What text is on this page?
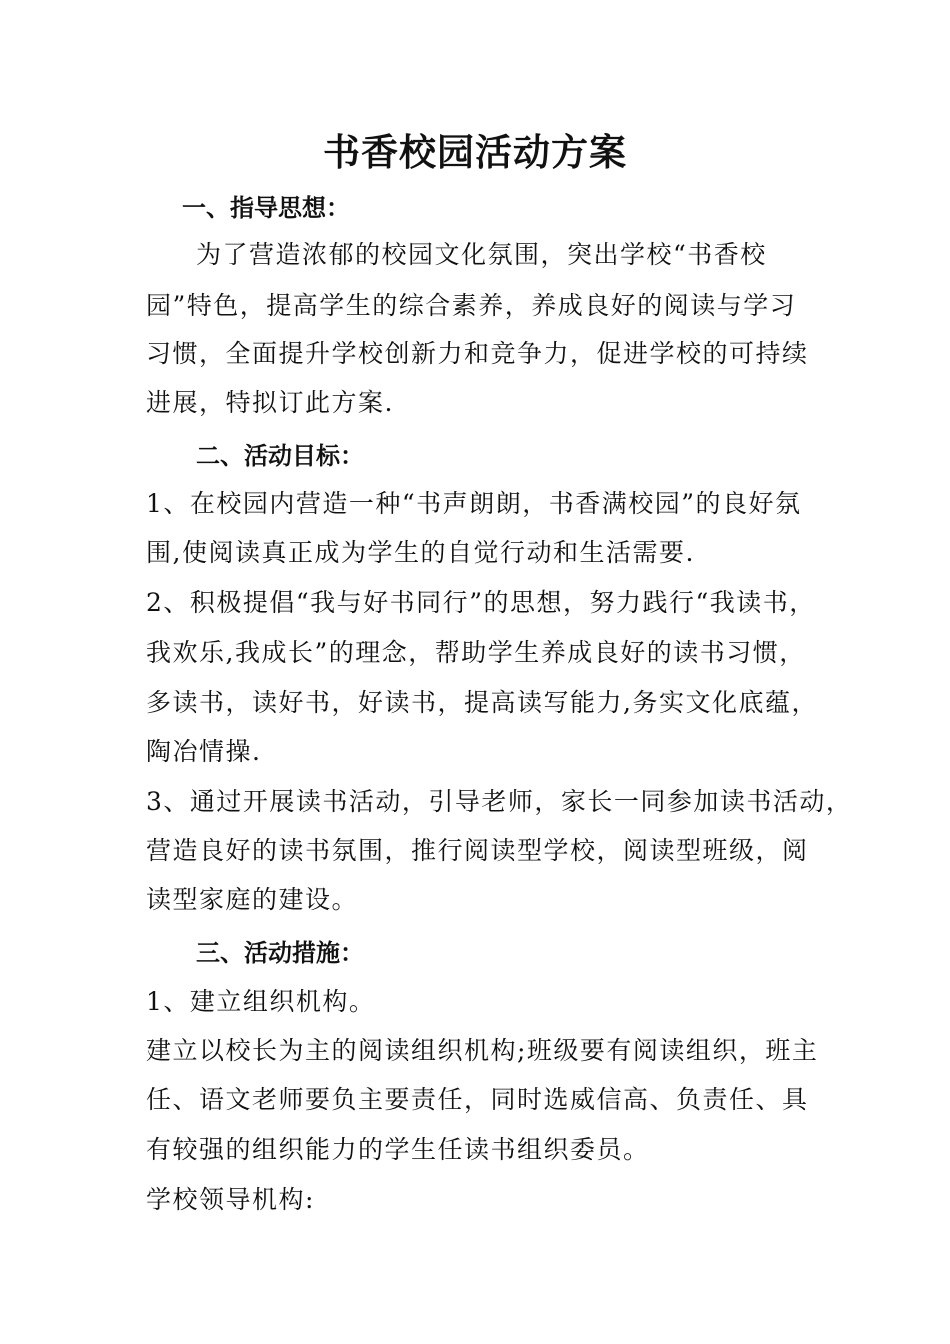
书香校园活动方案
一、指导思想：
为了营造浓郁的校园文化氛围，突出学校“书香校
园”特色，提高学生的综合素养，养成良好的阅读与学习
习惯，全面提升学校创新力和竞争力，促进学校的可持续
进展，特拟订此方案.
二、活动目标：
1、在校园内营造一种“书声朗朗，书香满校园”的良好氛
围,使阅读真正成为学生的自觉行动和生活需要.
2、积极提倡“我与好书同行”的思想，努力践行“我读书，
我欢乐,我成长”的理念，帮助学生养成良好的读书习惯，
多读书，读好书，好读书，提高读写能力,务实文化底蕴，
陶冶情操.
3、通过开展读书活动，引导老师，家长一同参加读书活动，
营造良好的读书氛围，推行阅读型学校，阅读型班级，阅
读型家庭的建设。
三、活动措施：
1、建立组织机构。
建立以校长为主的阅读组织机构;班级要有阅读组织，班主
任、语文老师要负主要责任，同时选威信高、负责任、具
有较强的组织能力的学生任读书组织委员。
学校领导机构:
